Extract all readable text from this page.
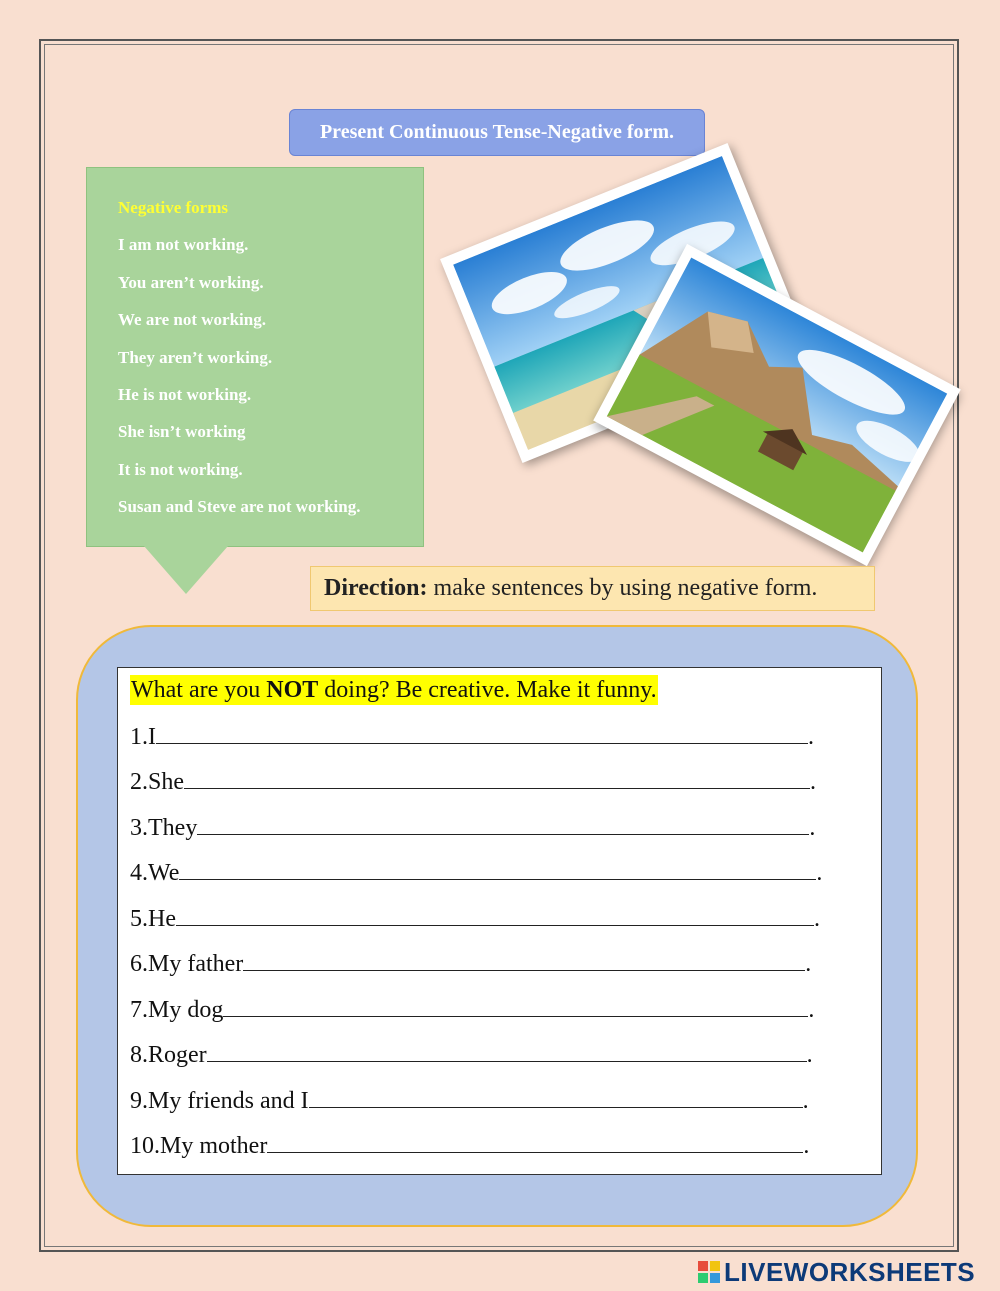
Present Continuous Tense-Negative form.
Negative forms
I am not working.
You aren’t working.
We are not working.
They aren’t working.
He is not working.
She isn’t working
It is not working.
Susan and Steve are not working.
Direction: make sentences by using negative form.
What are you NOT doing? Be creative. Make it funny.
1.I	.
2.She	.
3.They	.
4.We	.
5.He	.
6.My father	.
7.My dog	.
8.Roger	.
9.My friends and I	.
10.My mother	.
LIVEWORKSHEETS
